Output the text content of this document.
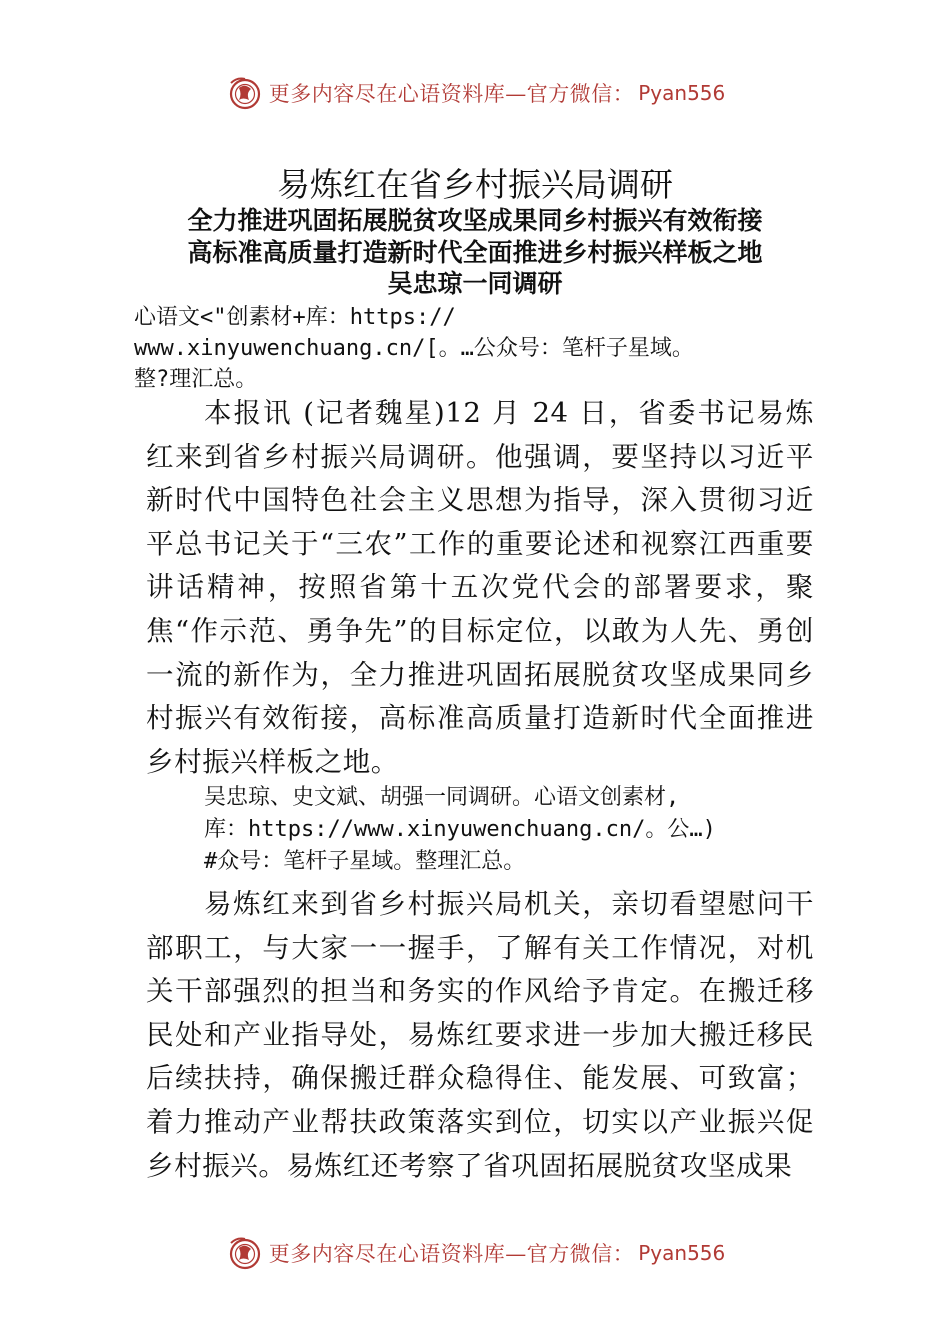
更多内容尽在心语资料库—官方微信： Pyan556
易炼红在省乡村振兴局调研
全力推进巩固拓展脱贫攻坚成果同乡村振兴有效衔接
高标准高质量打造新时代全面推进乡村振兴样板之地
吴忠琼一同调研
心语文<"创素材+库：https://
www.xinyuwenchuang.cn/[。…公众号：笔杆子星域。
整?理汇总。
本报讯 (记者魏星)12 月 24 日，省委书记易炼红来到省乡村振兴局调研。他强调，要坚持以习近平新时代中国特色社会主义思想为指导，深入贯彻习近平总书记关于“三农”工作的重要论述和视察江西重要讲话精神，按照省第十五次党代会的部署要求，聚焦“作示范、勇争先”的目标定位，以敢为人先、勇创一流的新作为，全力推进巩固拓展脱贫攻坚成果同乡村振兴有效衔接，高标准高质量打造新时代全面推进乡村振兴样板之地。
吴忠琼、史文斌、胡强一同调研。心语文创素材,
库：https://www.xinyuwenchuang.cn/。公…)
#众号：笔杆子星域。整理汇总。
易炼红来到省乡村振兴局机关，亲切看望慰问干部职工，与大家一一握手，了解有关工作情况，对机关干部强烈的担当和务实的作风给予肯定。在搬迁移民处和产业指导处，易炼红要求进一步加大搬迁移民后续扶持，确保搬迁群众稳得住、能发展、可致富；着力推动产业帮扶政策落实到位，切实以产业振兴促乡村振兴。易炼红还考察了省巩固拓展脱贫攻坚成果
更多内容尽在心语资料库—官方微信： Pyan556
